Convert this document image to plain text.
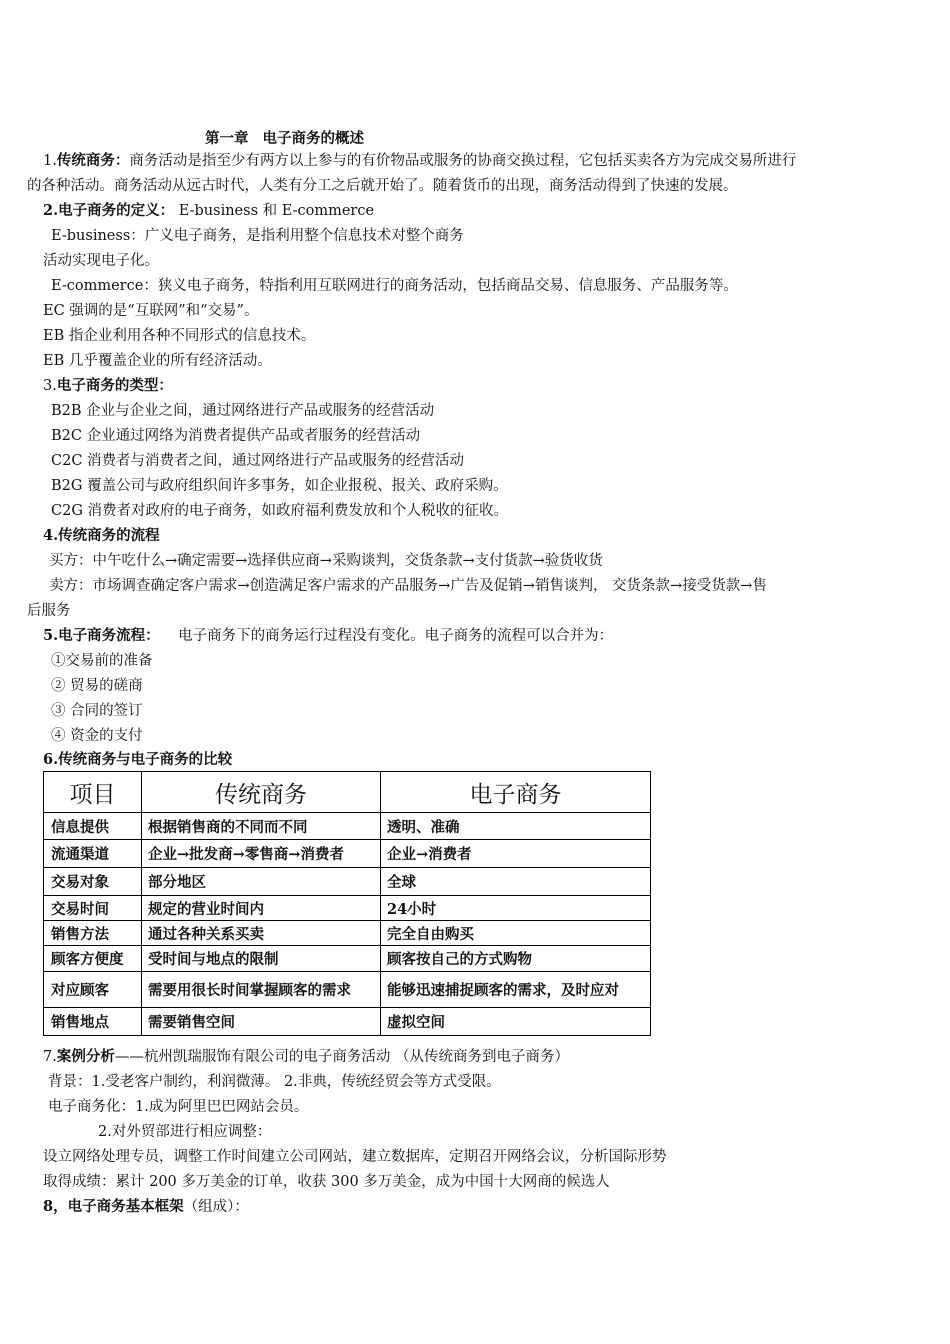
第一章 电子商务的概述
1.传统商务：商务活动是指至少有两方以上参与的有价物品或服务的协商交换过程，它包括买卖各方为完成交易所进行
的各种活动。商务活动从远古时代，人类有分工之后就开始了。随着货币的出现，商务活动得到了快速的发展。
2.电子商务的定义： E-business 和 E-commerce
E-business：广义电子商务，是指利用整个信息技术对整个商务
活动实现电子化。
E-commerce：狭义电子商务，特指利用互联网进行的商务活动，包括商品交易、信息服务、产品服务等。
EC 强调的是“互联网”和“交易”。
EB 指企业利用各种不同形式的信息技术。
EB 几乎覆盖企业的所有经济活动。
3.电子商务的类型：
B2B 企业与企业之间，通过网络进行产品或服务的经营活动
B2C 企业通过网络为消费者提供产品或者服务的经营活动
C2C 消费者与消费者之间，通过网络进行产品或服务的经营活动
B2G 覆盖公司与政府组织间许多事务，如企业报税、报关、政府采购。
C2G 消费者对政府的电子商务，如政府福利费发放和个人税收的征收。
4.传统商务的流程
买方：中午吃什么→确定需要→选择供应商→采购谈判，交货条款→支付货款→验货收货
卖方：市场调查确定客户需求→创造满足客户需求的产品服务→广告及促销→销售谈判， 交货条款→接受货款→售
后服务
5.电子商务流程： 电子商务下的商务运行过程没有变化。电子商务的流程可以合并为：
①交易前的准备
② 贸易的磋商
③ 合同的签订
④ 资金的支付
6.传统商务与电子商务的比较
项目	传统商务	电子商务
信息提供	根据销售商的不同而不同	透明、准确
流通渠道	企业→批发商→零售商→消费者	企业→消费者
交易对象	部分地区	全球
交易时间	规定的营业时间内	24小时
销售方法	通过各种关系买卖	完全自由购买
顾客方便度	受时间与地点的限制	顾客按自己的方式购物
对应顾客	需要用很长时间掌握顾客的需求	能够迅速捕捉顾客的需求，及时应对
销售地点	需要销售空间	虚拟空间
7.案例分析——杭州凯瑞服饰有限公司的电子商务活动 （从传统商务到电子商务）
背景：1.受老客户制约，利润微薄。 2.非典，传统经贸会等方式受限。
电子商务化：1.成为阿里巴巴网站会员。
2.对外贸部进行相应调整：
设立网络处理专员，调整工作时间建立公司网站，建立数据库，定期召开网络会议，分析国际形势
取得成绩：累计 200 多万美金的订单，收获 300 多万美金，成为中国十大网商的候选人
8，电子商务基本框架（组成）：
